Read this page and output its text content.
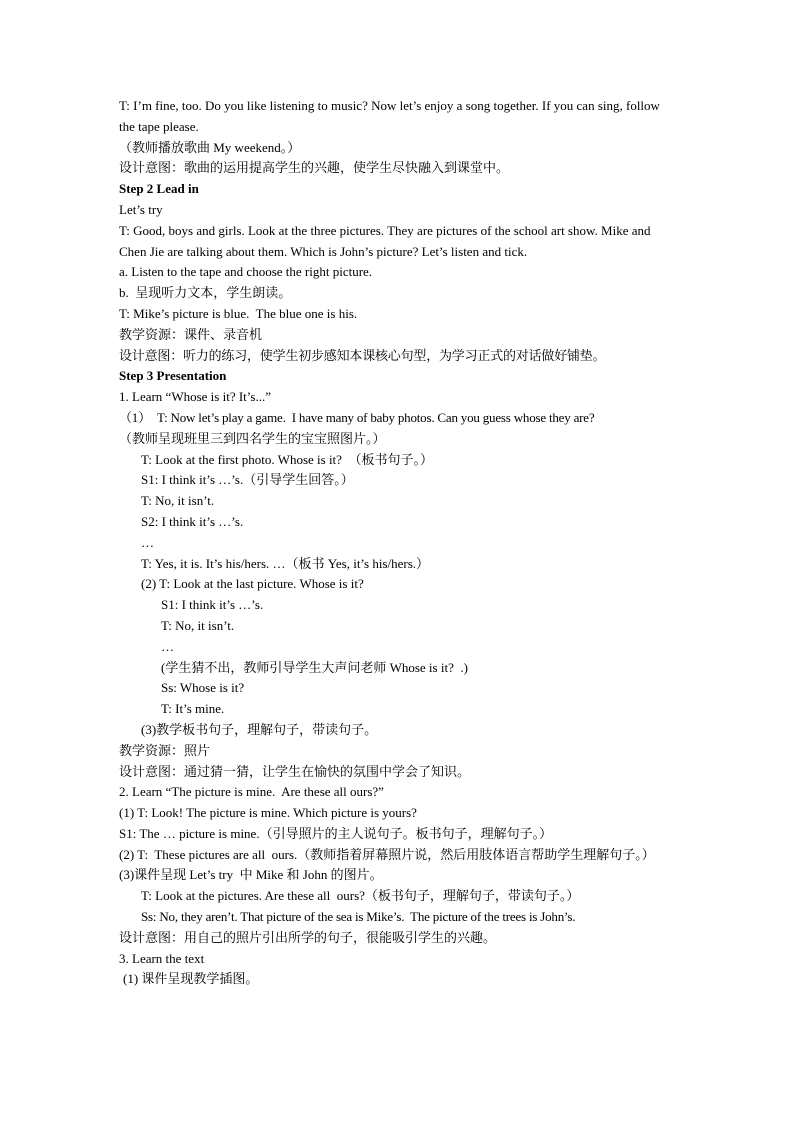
T: I’m fine, too. Do you like listening to music? Now let’s enjoy a song together. If you can sing, follow the tape please.

（教师播放歌曲 My weekend。）

设计意图：歌曲的运用提高学生的兴趣，使学生尽快融入到课堂中。

Step 2 Lead in

Let’s try

T: Good, boys and girls. Look at the three pictures. They are pictures of the school art show. Mike and Chen Jie are talking about them. Which is John’s picture? Let’s listen and tick.

a. Listen to the tape and choose the right picture.

b.  呈现听力文本，学生朗读。

T: Mike’s picture is blue.  The blue one is his.

教学资源：课件、录音机

设计意图：听力的练习，使学生初步感知本课核心句型，为学习正式的对话做好铺垫。

Step 3 Presentation

1. Learn “Whose is it? It’s...”

（1）  T: Now let’s play a game.  I have many of baby photos. Can you guess whose they are?

（教师呈现班里三到四名学生的宝宝照图片。）

T: Look at the first photo. Whose is it?  （板书句子。）

S1: I think it’s …’s.（引导学生回答。）

T: No, it isn’t.

S2: I think it’s …’s.

…

T: Yes, it is. It’s his/hers. …（板书 Yes, it’s his/hers.）

(2) T: Look at the last picture. Whose is it?

S1: I think it’s …’s.

T: No, it isn’t.

…

(学生猜不出，教师引导学生大声问老师 Whose is it?  .)

Ss: Whose is it?

T: It’s mine.

(3)教学板书句子，理解句子，带读句子。

教学资源：照片

设计意图：通过猜一猜，让学生在愉快的氛围中学会了知识。

2. Learn “The picture is mine.  Are these all ours?”

(1) T: Look! The picture is mine. Which picture is yours?

S1: The … picture is mine.（引导照片的主人说句子。板书句子，理解句子。）

(2) T:  These pictures are all  ours.（教师指着屏幕照片说，然后用肢体语言帮助学生理解句子。）

(3)课件呈现 Let’s try  中 Mike 和 John 的图片。

T: Look at the pictures. Are these all  ours?（板书句子，理解句子，带读句子。）

Ss: No, they aren’t. That picture of the sea is Mike’s.  The picture of the trees is John’s.

设计意图：用自己的照片引出所学的句子，很能吸引学生的兴趣。

3. Learn the text

(1) 课件呈现教学插图。
